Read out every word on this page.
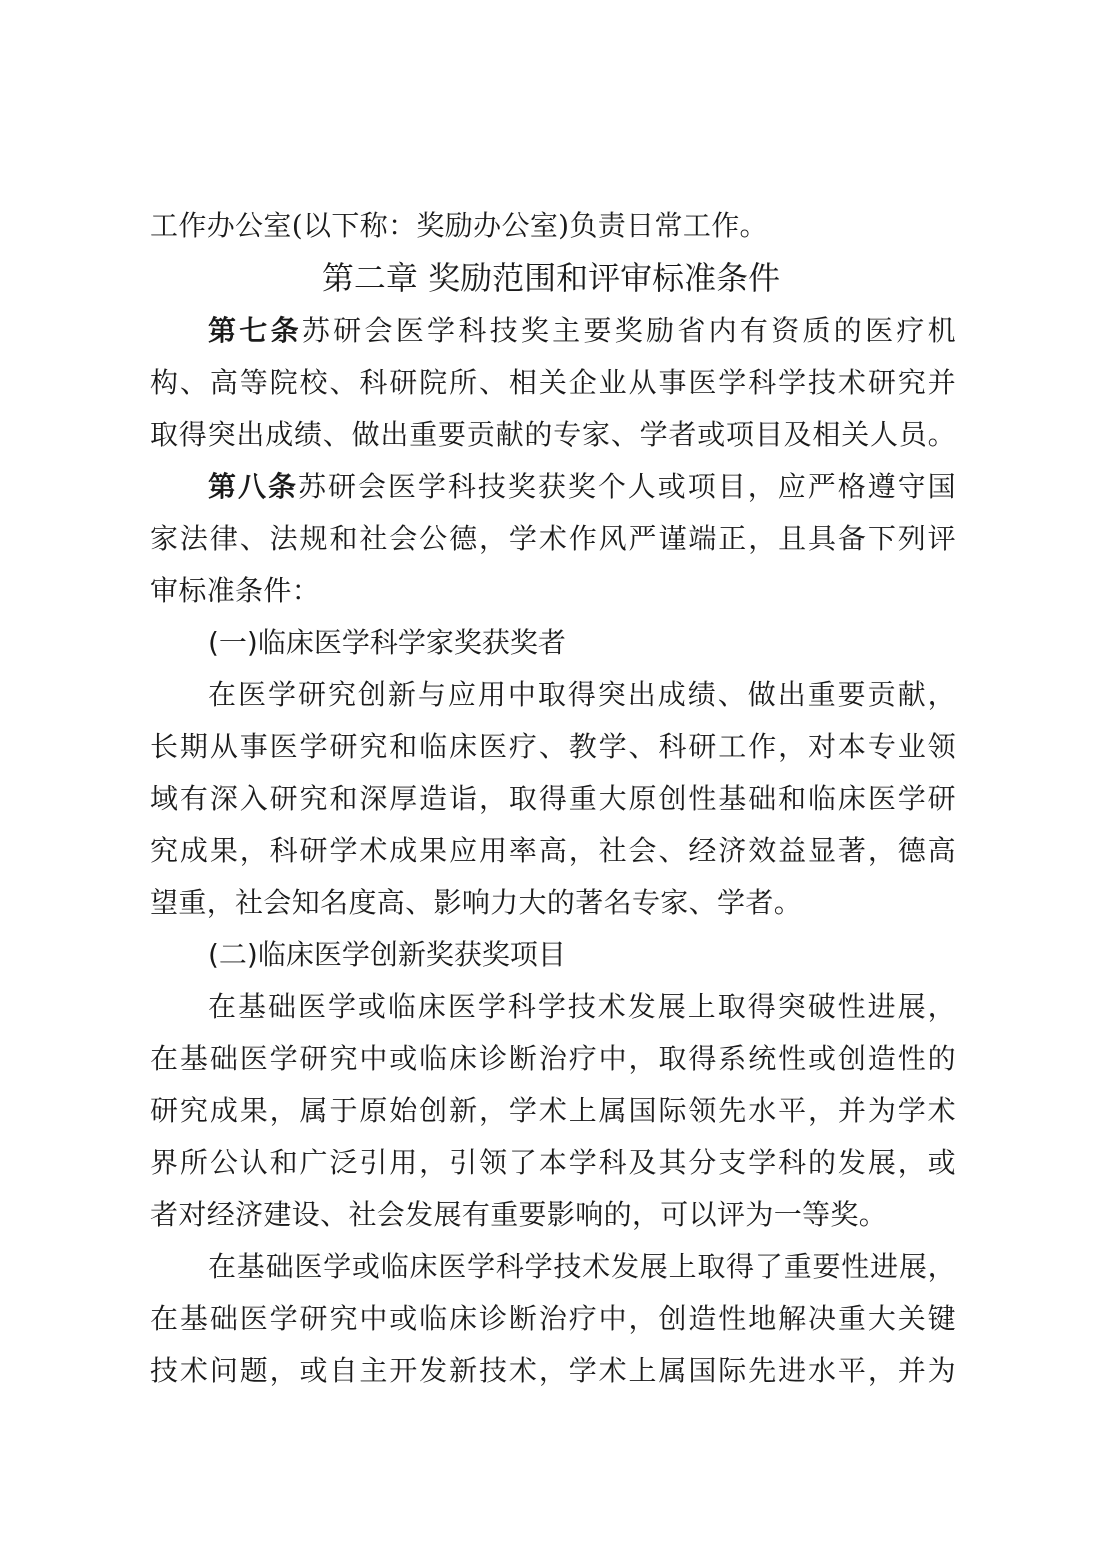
工作办公室(以下称：奖励办公室)负责日常工作。
第二章 奖励范围和评审标准条件
第七条苏研会医学科技奖主要奖励省内有资质的医疗机
构、高等院校、科研院所、相关企业从事医学科学技术研究并
取得突出成绩、做出重要贡献的专家、学者或项目及相关人员。
第八条苏研会医学科技奖获奖个人或项目，应严格遵守国
家法律、法规和社会公德，学术作风严谨端正，且具备下列评
审标准条件：
(一)临床医学科学家奖获奖者
在医学研究创新与应用中取得突出成绩、做出重要贡献，
长期从事医学研究和临床医疗、教学、科研工作，对本专业领
域有深入研究和深厚造诣，取得重大原创性基础和临床医学研
究成果，科研学术成果应用率高，社会、经济效益显著，德高
望重，社会知名度高、影响力大的著名专家、学者。
(二)临床医学创新奖获奖项目
在基础医学或临床医学科学技术发展上取得突破性进展，
在基础医学研究中或临床诊断治疗中，取得系统性或创造性的
研究成果，属于原始创新，学术上属国际领先水平，并为学术
界所公认和广泛引用，引领了本学科及其分支学科的发展，或
者对经济建设、社会发展有重要影响的，可以评为一等奖。
在基础医学或临床医学科学技术发展上取得了重要性进展，
在基础医学研究中或临床诊断治疗中，创造性地解决重大关键
技术问题，或自主开发新技术，学术上属国际先进水平，并为
